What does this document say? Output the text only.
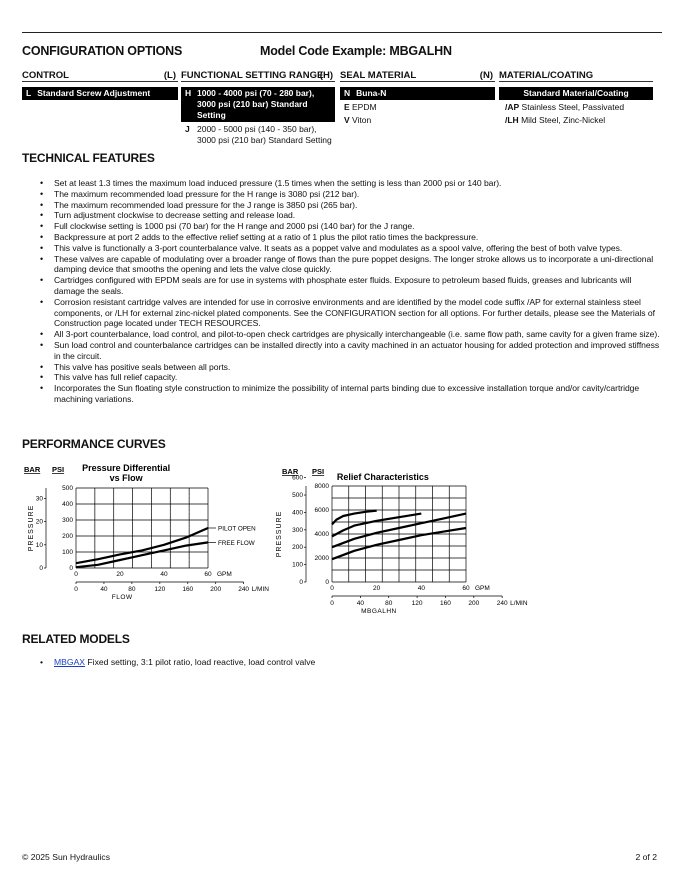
CONFIGURATION OPTIONS	Model Code Example: MBGALHN
CONTROL	(L)
L Standard Screw Adjustment
FUNCTIONAL SETTING RANGE
(H)
H 1000 - 4000 psi (70 - 280 bar), 3000 psi (210 bar) Standard Setting
J 2000 - 5000 psi (140 - 350 bar), 3000 psi (210 bar) Standard Setting
SEAL MATERIAL	(N)
N Buna-N
E EPDM
V Viton
MATERIAL/COATING
Standard Material/Coating
/AP Stainless Steel, Passivated
/LH Mild Steel, Zinc-Nickel
TECHNICAL FEATURES
• Set at least 1.3 times the maximum load induced pressure (1.5 times when the setting is less than 2000 psi or 140 bar).
• The maximum recommended load pressure for the H range is 3080 psi (212 bar).
• The maximum recommended load pressure for the J range is 3850 psi (265 bar).
• Turn adjustment clockwise to decrease setting and release load.
• Full clockwise setting is 1000 psi (70 bar) for the H range and 2000 psi (140 bar) for the J range.
• Backpressure at port 2 adds to the effective relief setting at a ratio of 1 plus the pilot ratio times the backpressure.
• This valve is functionally a 3-port counterbalance valve. It seats as a poppet valve and modulates as a spool valve, offering the best of both valve types.
• These valves are capable of modulating over a broader range of flows than the pure poppet designs. The longer stroke allows us to incorporate a uni-directional damping device that smooths the opening and lets the valve close quickly.
• Cartridges configured with EPDM seals are for use in systems with phosphate ester fluids. Exposure to petroleum based fluids, greases and lubricants will damage the seals.
• Corrosion resistant cartridge valves are intended for use in corrosive environments and are identified by the model code suffix /AP for external stainless steel components, or /LH for external zinc-nickel plated components. See the CONFIGURATION section for all options. For further details, please see the Materials of Construction page located under TECH RESOURCES.
• All 3-port counterbalance, load control, and pilot-to-open check cartridges are physically interchangeable (i.e. same flow path, same cavity for a given frame size).
• Sun load control and counterbalance cartridges can be installed directly into a cavity machined in an actuator housing for added protection and improved stiffness in the circuit.
• This valve has positive seals between all ports.
• This valve has full relief capacity.
• Incorporates the Sun floating style construction to minimize the possibility of internal parts binding due to excessive installation torque and/or cavity/cartridge machining variations.
PERFORMANCE CURVES
Pressure Differential
vs Flow
BAR PSI
0
100
200
300
400
500
0
10
20
30
PRESSURE
0	20	40	60 GPM
0	40	80	120	160	200	240 L/MIN
FLOW
PILOT OPEN
FREE FLOW
Relief Characteristics
BAR PSI
0
2000
4000
6000
8000
0
100
200
300
400
500
600
PRESSURE
0	20	40	60 GPM
0	40	80	120	160	200	240 L/MIN
MBGALHN
RELATED MODELS
• MBGAX Fixed setting, 3:1 pilot ratio, load reactive, load control valve
© 2025 Sun Hydraulics	2 of 2
